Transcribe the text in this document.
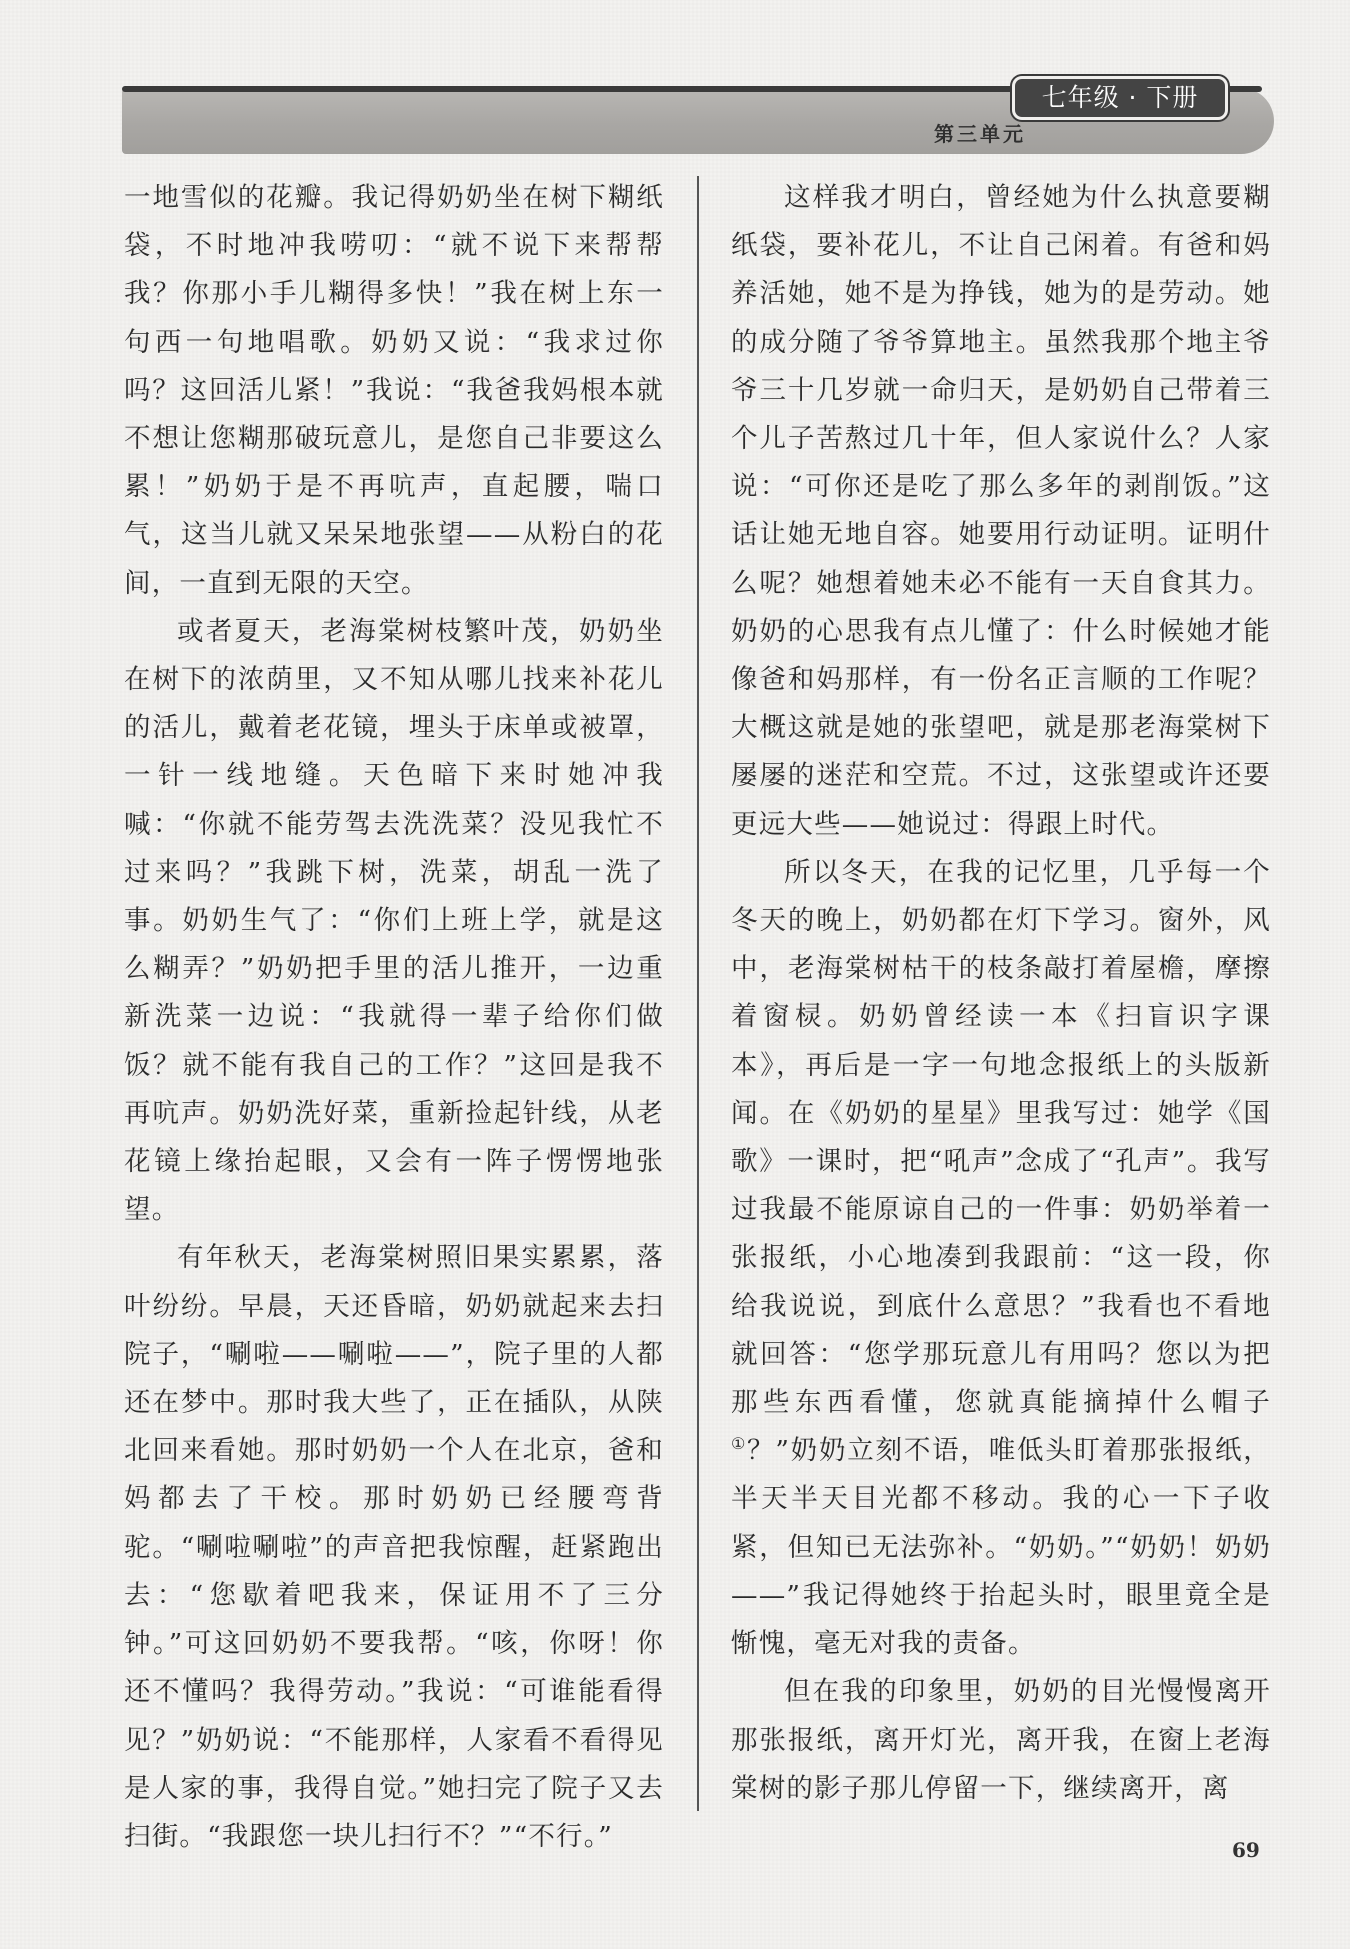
七年级 · 下册
第三单元

一地雪似的花瓣。我记得奶奶坐在树下糊纸袋，不时地冲我唠叨：“就不说下来帮帮我？你那小手儿糊得多快！”我在树上东一句西一句地唱歌。奶奶又说：“我求过你吗？这回活儿紧！”我说：“我爸我妈根本就不想让您糊那破玩意儿，是您自己非要这么累！”奶奶于是不再吭声，直起腰，喘口气，这当儿就又呆呆地张望——从粉白的花间，一直到无限的天空。

或者夏天，老海棠树枝繁叶茂，奶奶坐在树下的浓荫里，又不知从哪儿找来补花儿的活儿，戴着老花镜，埋头于床单或被罩，一针一线地缝。天色暗下来时她冲我喊：“你就不能劳驾去洗洗菜？没见我忙不过来吗？”我跳下树，洗菜，胡乱一洗了事。奶奶生气了：“你们上班上学，就是这么糊弄？”奶奶把手里的活儿推开，一边重新洗菜一边说：“我就得一辈子给你们做饭？就不能有我自己的工作？”这回是我不再吭声。奶奶洗好菜，重新捡起针线，从老花镜上缘抬起眼，又会有一阵子愣愣地张望。

有年秋天，老海棠树照旧果实累累，落叶纷纷。早晨，天还昏暗，奶奶就起来去扫院子，“唰啦——唰啦——”，院子里的人都还在梦中。那时我大些了，正在插队，从陕北回来看她。那时奶奶一个人在北京，爸和妈都去了干校。那时奶奶已经腰弯背驼。“唰啦唰啦”的声音把我惊醒，赶紧跑出去：“您歇着吧我来，保证用不了三分钟。”可这回奶奶不要我帮。“咳，你呀！你还不懂吗？我得劳动。”我说：“可谁能看得见？”奶奶说：“不能那样，人家看不看得见是人家的事，我得自觉。”她扫完了院子又去扫街。“我跟您一块儿扫行不？”“不行。”

这样我才明白，曾经她为什么执意要糊纸袋，要补花儿，不让自己闲着。有爸和妈养活她，她不是为挣钱，她为的是劳动。她的成分随了爷爷算地主。虽然我那个地主爷爷三十几岁就一命归天，是奶奶自己带着三个儿子苦熬过几十年，但人家说什么？人家说：“可你还是吃了那么多年的剥削饭。”这话让她无地自容。她要用行动证明。证明什么呢？她想着她未必不能有一天自食其力。奶奶的心思我有点儿懂了：什么时候她才能像爸和妈那样，有一份名正言顺的工作呢？大概这就是她的张望吧，就是那老海棠树下屡屡的迷茫和空荒。不过，这张望或许还要更远大些——她说过：得跟上时代。

所以冬天，在我的记忆里，几乎每一个冬天的晚上，奶奶都在灯下学习。窗外，风中，老海棠树枯干的枝条敲打着屋檐，摩擦着窗棂。奶奶曾经读一本《扫盲识字课本》，再后是一字一句地念报纸上的头版新闻。在《奶奶的星星》里我写过：她学《国歌》一课时，把“吼声”念成了“孔声”。我写过我最不能原谅自己的一件事：奶奶举着一张报纸，小心地凑到我跟前：“这一段，你给我说说，到底什么意思？”我看也不看地就回答：“您学那玩意儿有用吗？您以为把那些东西看懂，您就真能摘掉什么帽子①？”奶奶立刻不语，唯低头盯着那张报纸，半天半天目光都不移动。我的心一下子收紧，但知已无法弥补。“奶奶。”“奶奶！奶奶——”我记得她终于抬起头时，眼里竟全是惭愧，毫无对我的责备。

但在我的印象里，奶奶的目光慢慢离开那张报纸，离开灯光，离开我，在窗上老海棠树的影子那儿停留一下，继续离开，离

69
